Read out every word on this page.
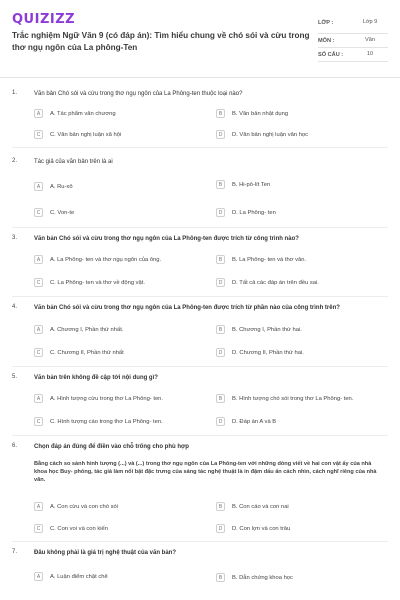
QUIZIZZ
Trắc nghiệm Ngữ Văn 9 (có đáp án): Tìm hiểu chung về chó sói và cừu trong thơ ngụ ngôn của La phông-Ten
LỚP :	Lớp 9
MÔN :	Văn
SỐ CÂU :	10
1.	Văn bản Chó sói và cừu trong thơ ngụ ngôn của La Phông-ten thuộc loại nào?
A	A. Tác phẩm văn chương	B	B. Văn bản nhật dụng
C	C. Văn bản nghị luận xã hội	D	D. Văn bản nghị luận văn học
2.	Tác giả của văn bản trên là ai
A	A. Ru-xô	B	B. Hi-pô-lít Ten
C	C. Von-te	D	D. La Phông- ten
3.	Văn bản Chó sói và cừu trong thơ ngụ ngôn của La Phông-ten được trích từ công trình nào?
A	A. La Phông- ten và thơ ngụ ngôn của ông.	B	B. La Phông- ten và thơ văn.
C	C. La Phông- ten và thơ về động vật.	D	D. Tất cả các đáp án trên đều sai.
4.	Văn bản Chó sói và cừu trong thơ ngụ ngôn của La Phông-ten được trích từ phần nào của công trình trên?
A	A. Chương I, Phần thứ nhất.	B	B. Chương I, Phần thứ hai.
C	C. Chương II, Phần thứ nhất	D	D. Chương II, Phần thứ hai.
5.	Văn bản trên không đề cập tới nội dung gì?
A	A. Hình tượng cừu trong thơ La Phông- ten.	B	B. Hình tượng chó sói trong thơ La Phông- ten.
C	C. Hình tượng cáo trong thơ La Phông- ten.	D	D. Đáp án A và B
6.	Chọn đáp án đúng để điền vào chỗ trống cho phù hợp
Bằng cách so sánh hình tượng (...) và (...) trong thơ ngụ ngôn của La Phông-ten với những dòng viết về hai con vật ấy của nhà khoa học Buy- phông, tác giả làm nổi bật đặc trưng của sáng tác nghệ thuật là in đậm dấu ấn cách nhìn, cách nghĩ riêng của nhà văn.
A	A. Con cừu và con chó sói	B	B. Con cáo và con nai
C	C. Con voi và con kiến	D	D. Con lợn và con trâu
7.	Đâu không phải là giá trị nghệ thuật của văn bản?
A	A. Luận điểm chặt chẽ	B	B. Dẫn chứng khoa học
